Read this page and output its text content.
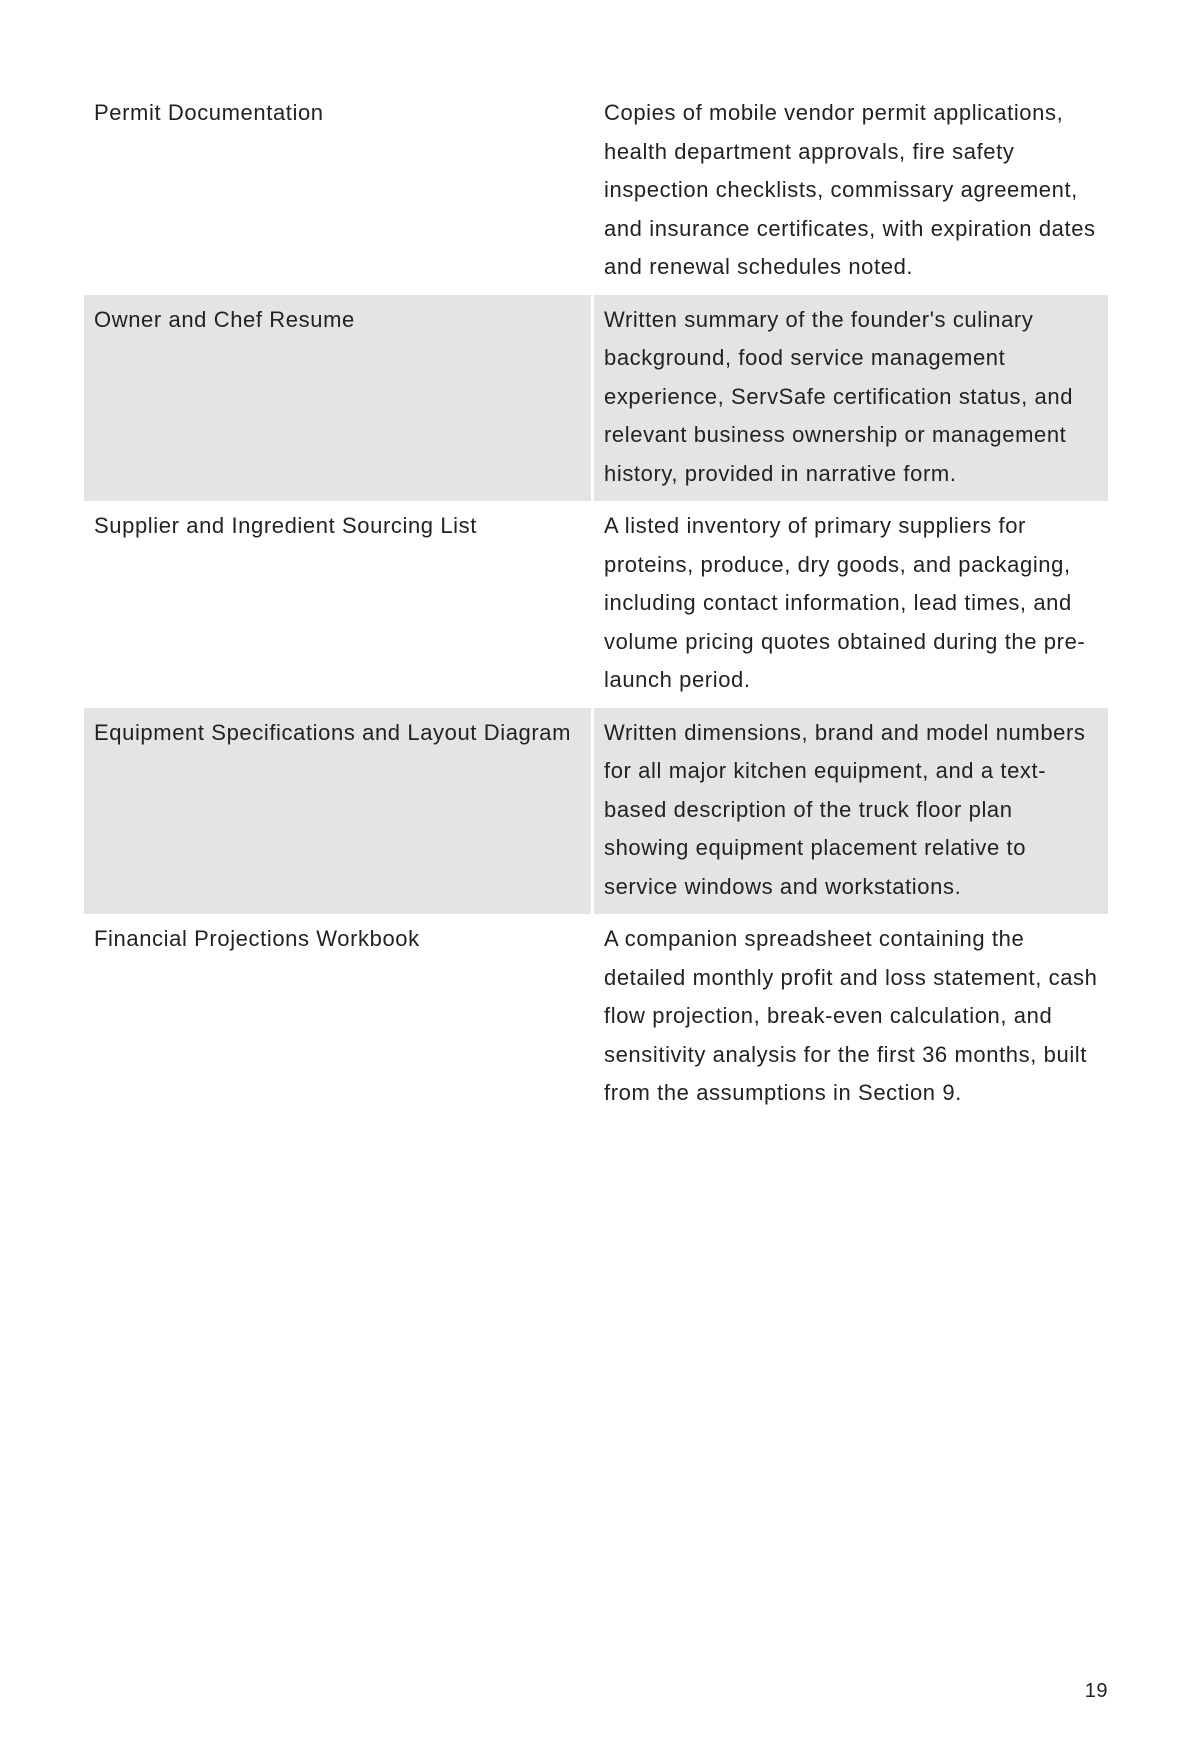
Permit Documentation	Copies of mobile vendor permit applications, health department approvals, fire safety inspection checklists, commissary agreement, and insurance certificates, with expiration dates and renewal schedules noted.
Owner and Chef Resume	Written summary of the founder's culinary background, food service management experience, ServSafe certification status, and relevant business ownership or management history, provided in narrative form.
Supplier and Ingredient Sourcing List	A listed inventory of primary suppliers for proteins, produce, dry goods, and packaging, including contact information, lead times, and volume pricing quotes obtained during the pre-launch period.
Equipment Specifications and Layout Diagram	Written dimensions, brand and model numbers for all major kitchen equipment, and a text-based description of the truck floor plan showing equipment placement relative to service windows and workstations.
Financial Projections Workbook	A companion spreadsheet containing the detailed monthly profit and loss statement, cash flow projection, break-even calculation, and sensitivity analysis for the first 36 months, built from the assumptions in Section 9.
19
